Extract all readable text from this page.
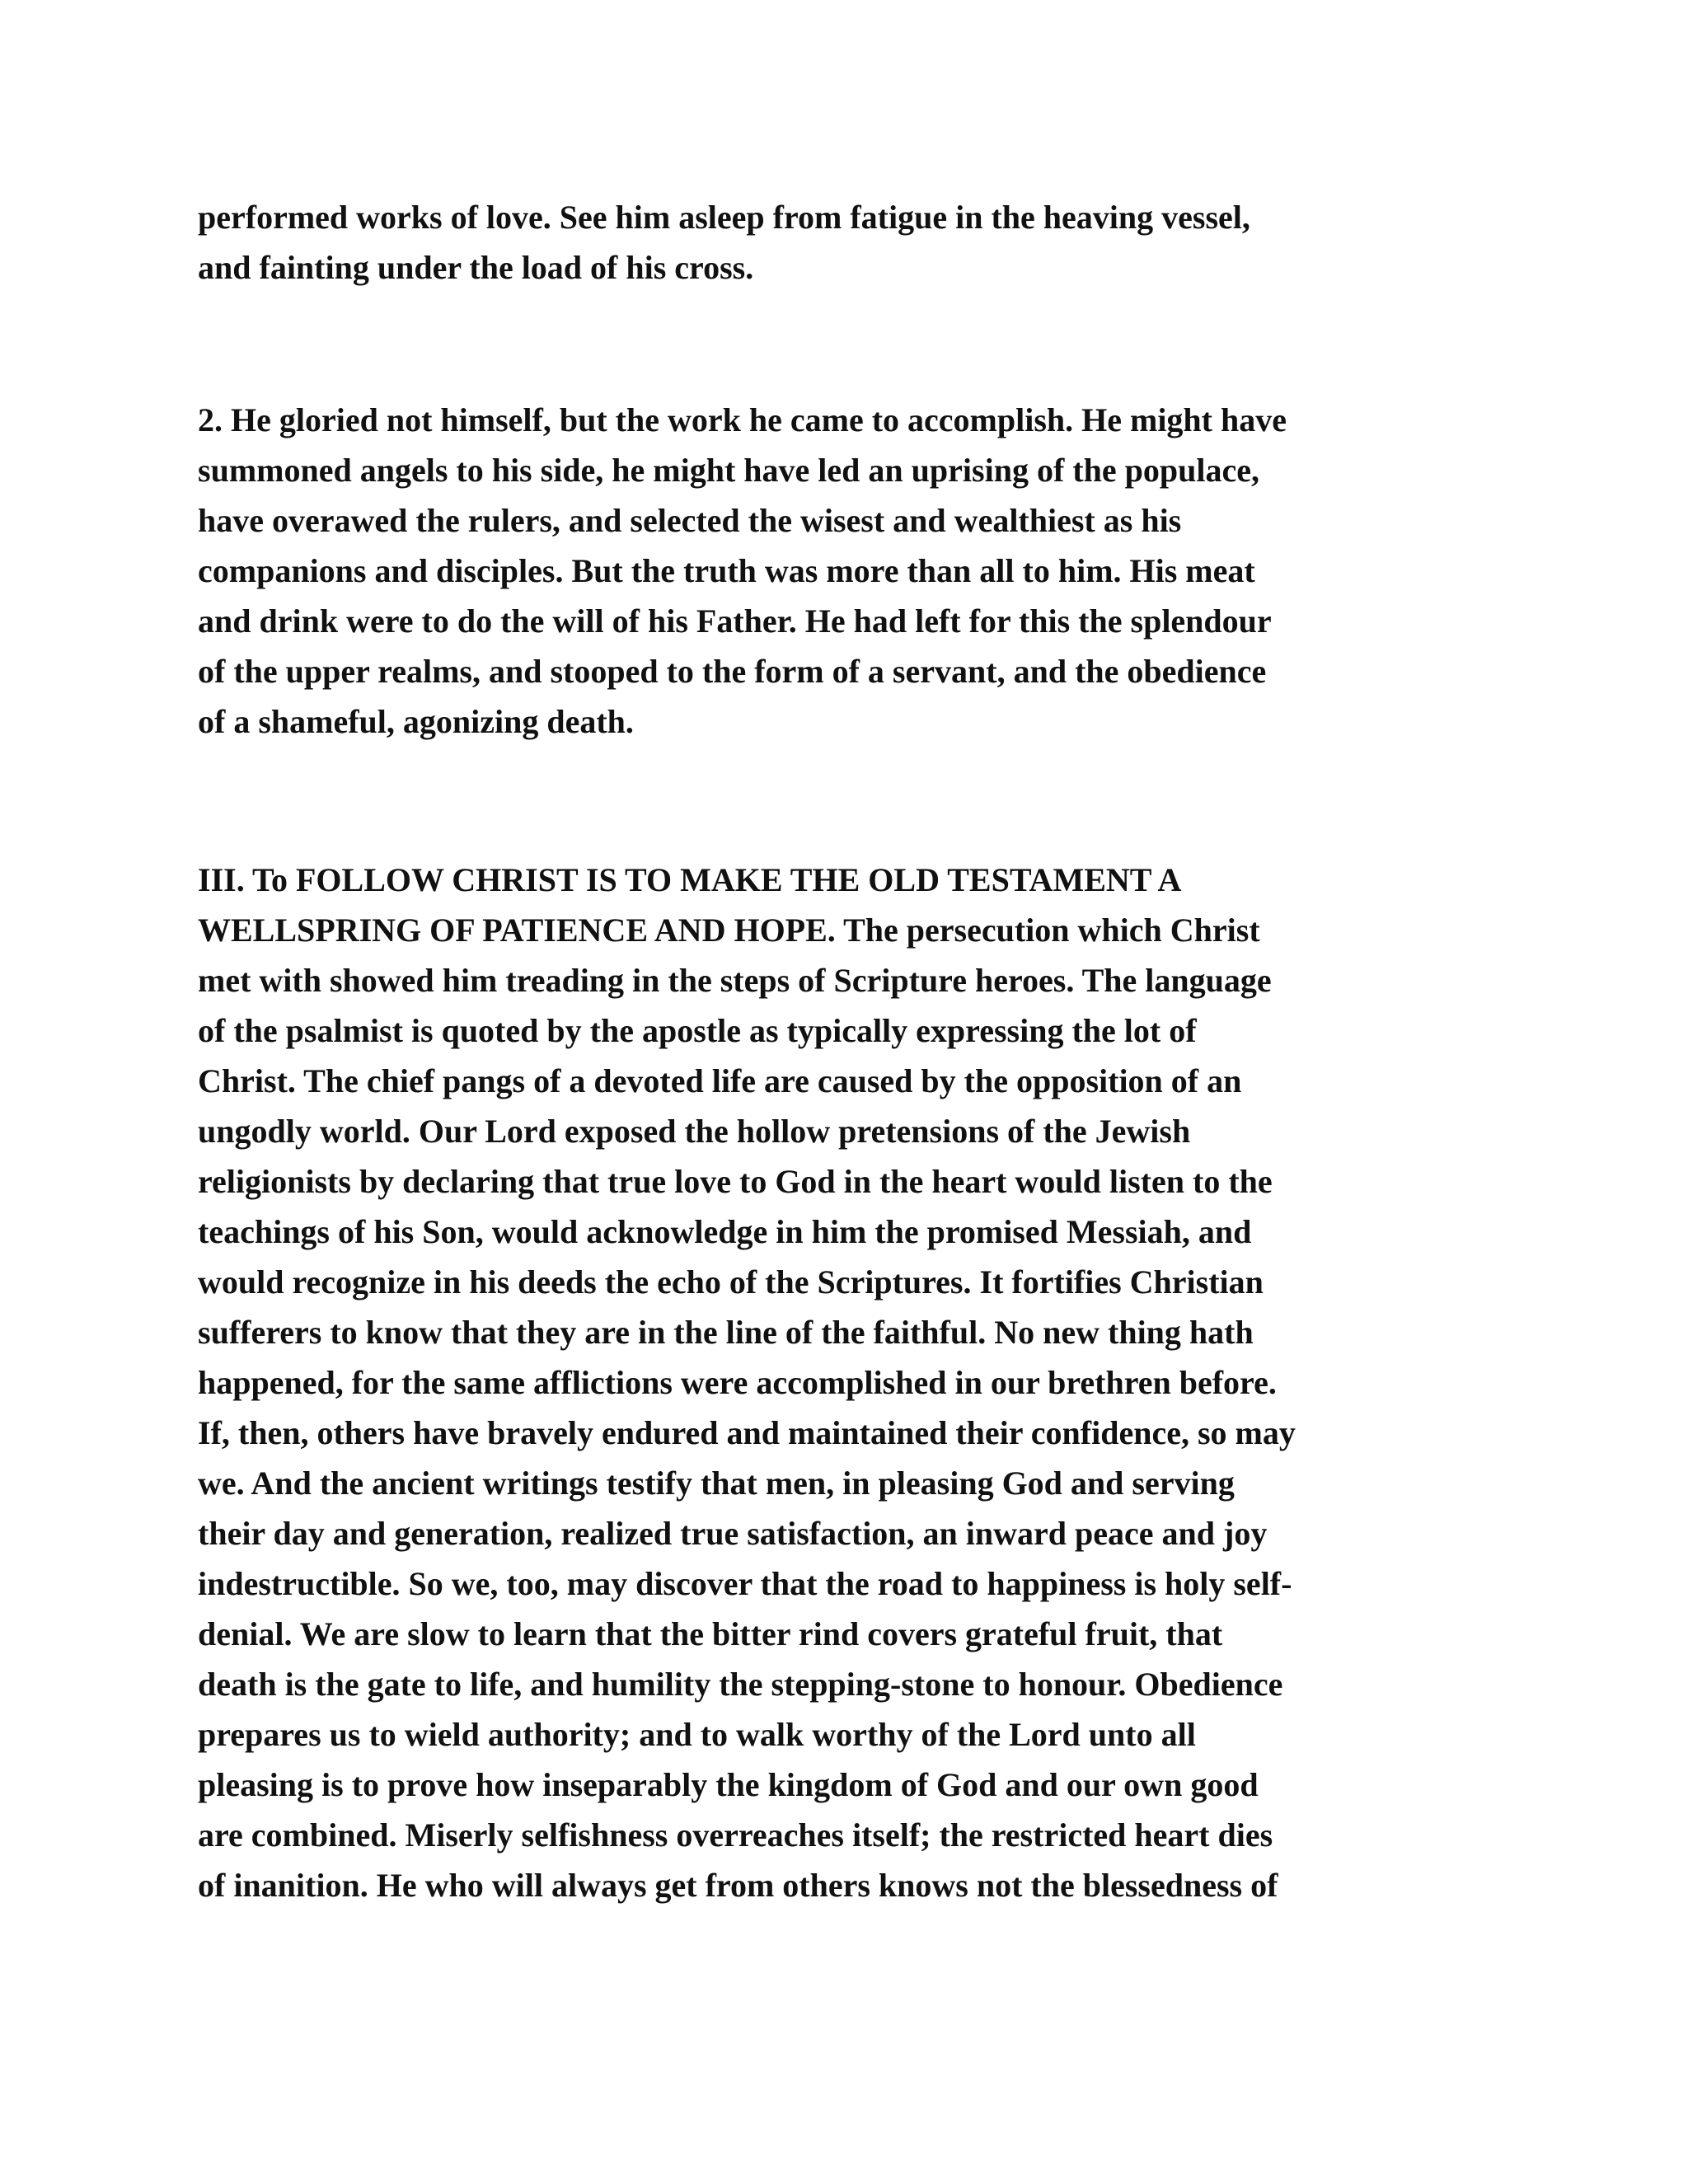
performed works of love. See him asleep from fatigue in the heaving vessel,
and fainting under the load of his cross.

2. He gloried not himself, but the work he came to accomplish. He might have
summoned angels to his side, he might have led an uprising of the populace,
have overawed the rulers, and selected the wisest and wealthiest as his
companions and disciples. But the truth was more than all to him. His meat
and drink were to do the will of his Father. He had left for this the splendour
of the upper realms, and stooped to the form of a servant, and the obedience
of a shameful, agonizing death.

III. To FOLLOW CHRIST IS TO MAKE THE OLD TESTAMENT A
WELLSPRING OF PATIENCE AND HOPE. The persecution which Christ
met with showed him treading in the steps of Scripture heroes. The language
of the psalmist is quoted by the apostle as typically expressing the lot of
Christ. The chief pangs of a devoted life are caused by the opposition of an
ungodly world. Our Lord exposed the hollow pretensions of the Jewish
religionists by declaring that true love to God in the heart would listen to the
teachings of his Son, would acknowledge in him the promised Messiah, and
would recognize in his deeds the echo of the Scriptures. It fortifies Christian
sufferers to know that they are in the line of the faithful. No new thing hath
happened, for the same afflictions were accomplished in our brethren before.
If, then, others have bravely endured and maintained their confidence, so may
we. And the ancient writings testify that men, in pleasing God and serving
their day and generation, realized true satisfaction, an inward peace and joy
indestructible. So we, too, may discover that the road to happiness is holy self-
denial. We are slow to learn that the bitter rind covers grateful fruit, that
death is the gate to life, and humility the stepping-stone to honour. Obedience
prepares us to wield authority; and to walk worthy of the Lord unto all
pleasing is to prove how inseparably the kingdom of God and our own good
are combined. Miserly selfishness overreaches itself; the restricted heart dies
of inanition. He who will always get from others knows not the blessedness of
